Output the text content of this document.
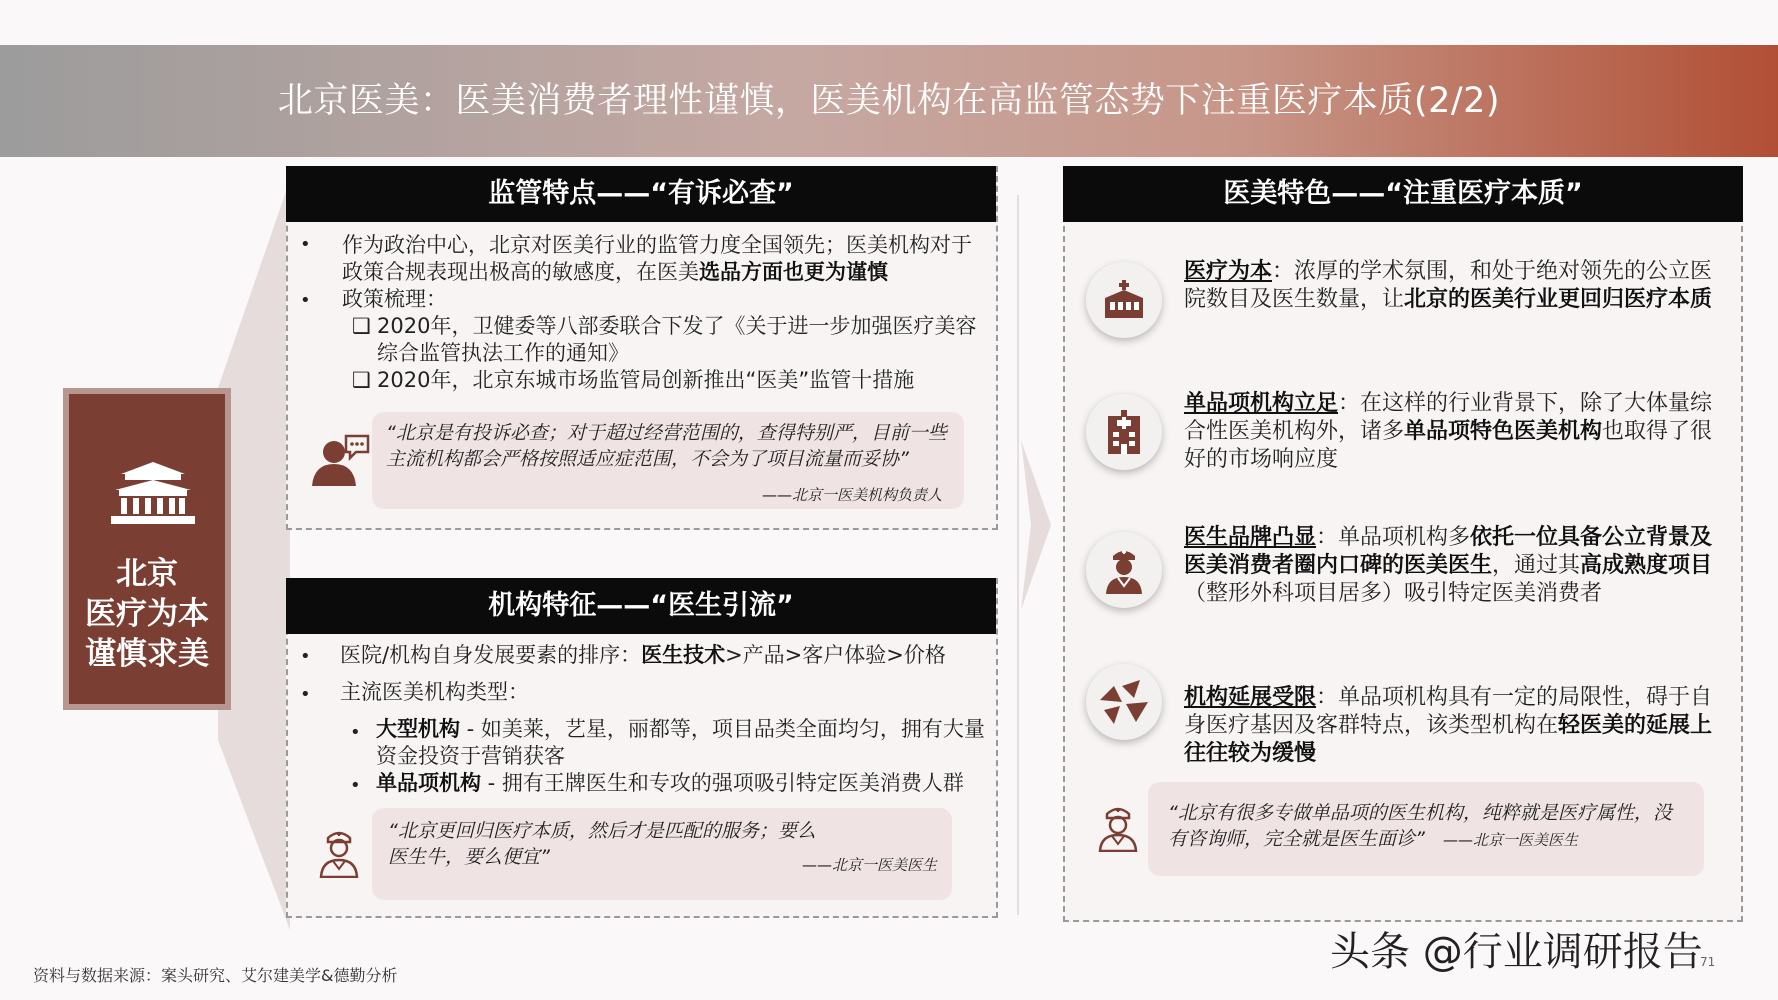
北京医美：医美消费者理性谨慎，医美机构在高监管态势下注重医疗本质(2/2)
北京
医疗为本
谨慎求美
监管特点——“有诉必查”
• 作为政治中心，北京对医美行业的监管力度全国领先；医美机构对于政策合规表现出极高的敏感度，在医美选品方面也更为谨慎
• 政策梳理：
❑ 2020年，卫健委等八部委联合下发了《关于进一步加强医疗美容综合监管执法工作的通知》
❑ 2020年，北京东城市场监管局创新推出“医美”监管十措施
“北京是有投诉必查；对于超过经营范围的，查得特别严，目前一些主流机构都会严格按照适应症范围，不会为了项目流量而妥协”
——北京一医美机构负责人
机构特征——“医生引流”
• 医院/机构自身发展要素的排序：医生技术>产品>客户体验>价格
• 主流医美机构类型：
• 大型机构 - 如美莱，艺星，丽都等，项目品类全面均匀，拥有大量资金投资于营销获客
• 单品项机构 - 拥有王牌医生和专攻的强项吸引特定医美消费人群
“北京更回归医疗本质，然后才是匹配的服务；要么医生牛，要么便宜”	——北京一医美医生
医美特色——“注重医疗本质”
医疗为本：浓厚的学术氛围，和处于绝对领先的公立医院数目及医生数量，让北京的医美行业更回归医疗本质
单品项机构立足：在这样的行业背景下，除了大体量综合性医美机构外，诸多单品项特色医美机构也取得了很好的市场响应度
医生品牌凸显：单品项机构多依托一位具备公立背景及医美消费者圈内口碑的医美医生，通过其高成熟度项目（整形外科项目居多）吸引特定医美消费者
机构延展受限：单品项机构具有一定的局限性，碍于自身医疗基因及客群特点，该类型机构在轻医美的延展上往往较为缓慢
“北京有很多专做单品项的医生机构，纯粹就是医疗属性，没有咨询师，完全就是医生面诊” ——北京一医美医生
资料与数据来源：案头研究、艾尔建美学&德勤分析
头条 @行业调研报告
71
